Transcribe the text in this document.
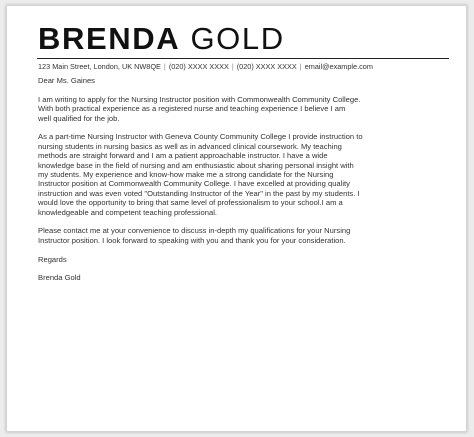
BRENDA GOLD
123 Main Street, London, UK NW8QE | (020) XXXX XXXX | (020) XXXX XXXX | email@example.com

Dear Ms. Gaines

I am writing to apply for the Nursing Instructor position with Commonwealth Community College.
With both practical experience as a registered nurse and teaching experience I believe I am
well qualified for the job.

As a part-time Nursing Instructor with Geneva County Community College I provide instruction to
nursing students in nursing basics as well as in advanced clinical coursework. My teaching
methods are straight forward and I am a patient approachable instructor. I have a wide
knowledge base in the field of nursing and am enthusiastic about sharing personal insight with
my students. My experience and know-how make me a strong candidate for the Nursing
Instructor position at Commonwealth Community College. I have excelled at providing quality
instruction and was even voted "Outstanding Instructor of the Year" in the past by my students. I
would love the opportunity to bring that same level of professionalism to your school.I am a
knowledgeable and competent teaching professional.

Please contact me at your convenience to discuss in-depth my qualifications for your Nursing
Instructor position. I look forward to speaking with you and thank you for your consideration.

Regards

Brenda Gold
